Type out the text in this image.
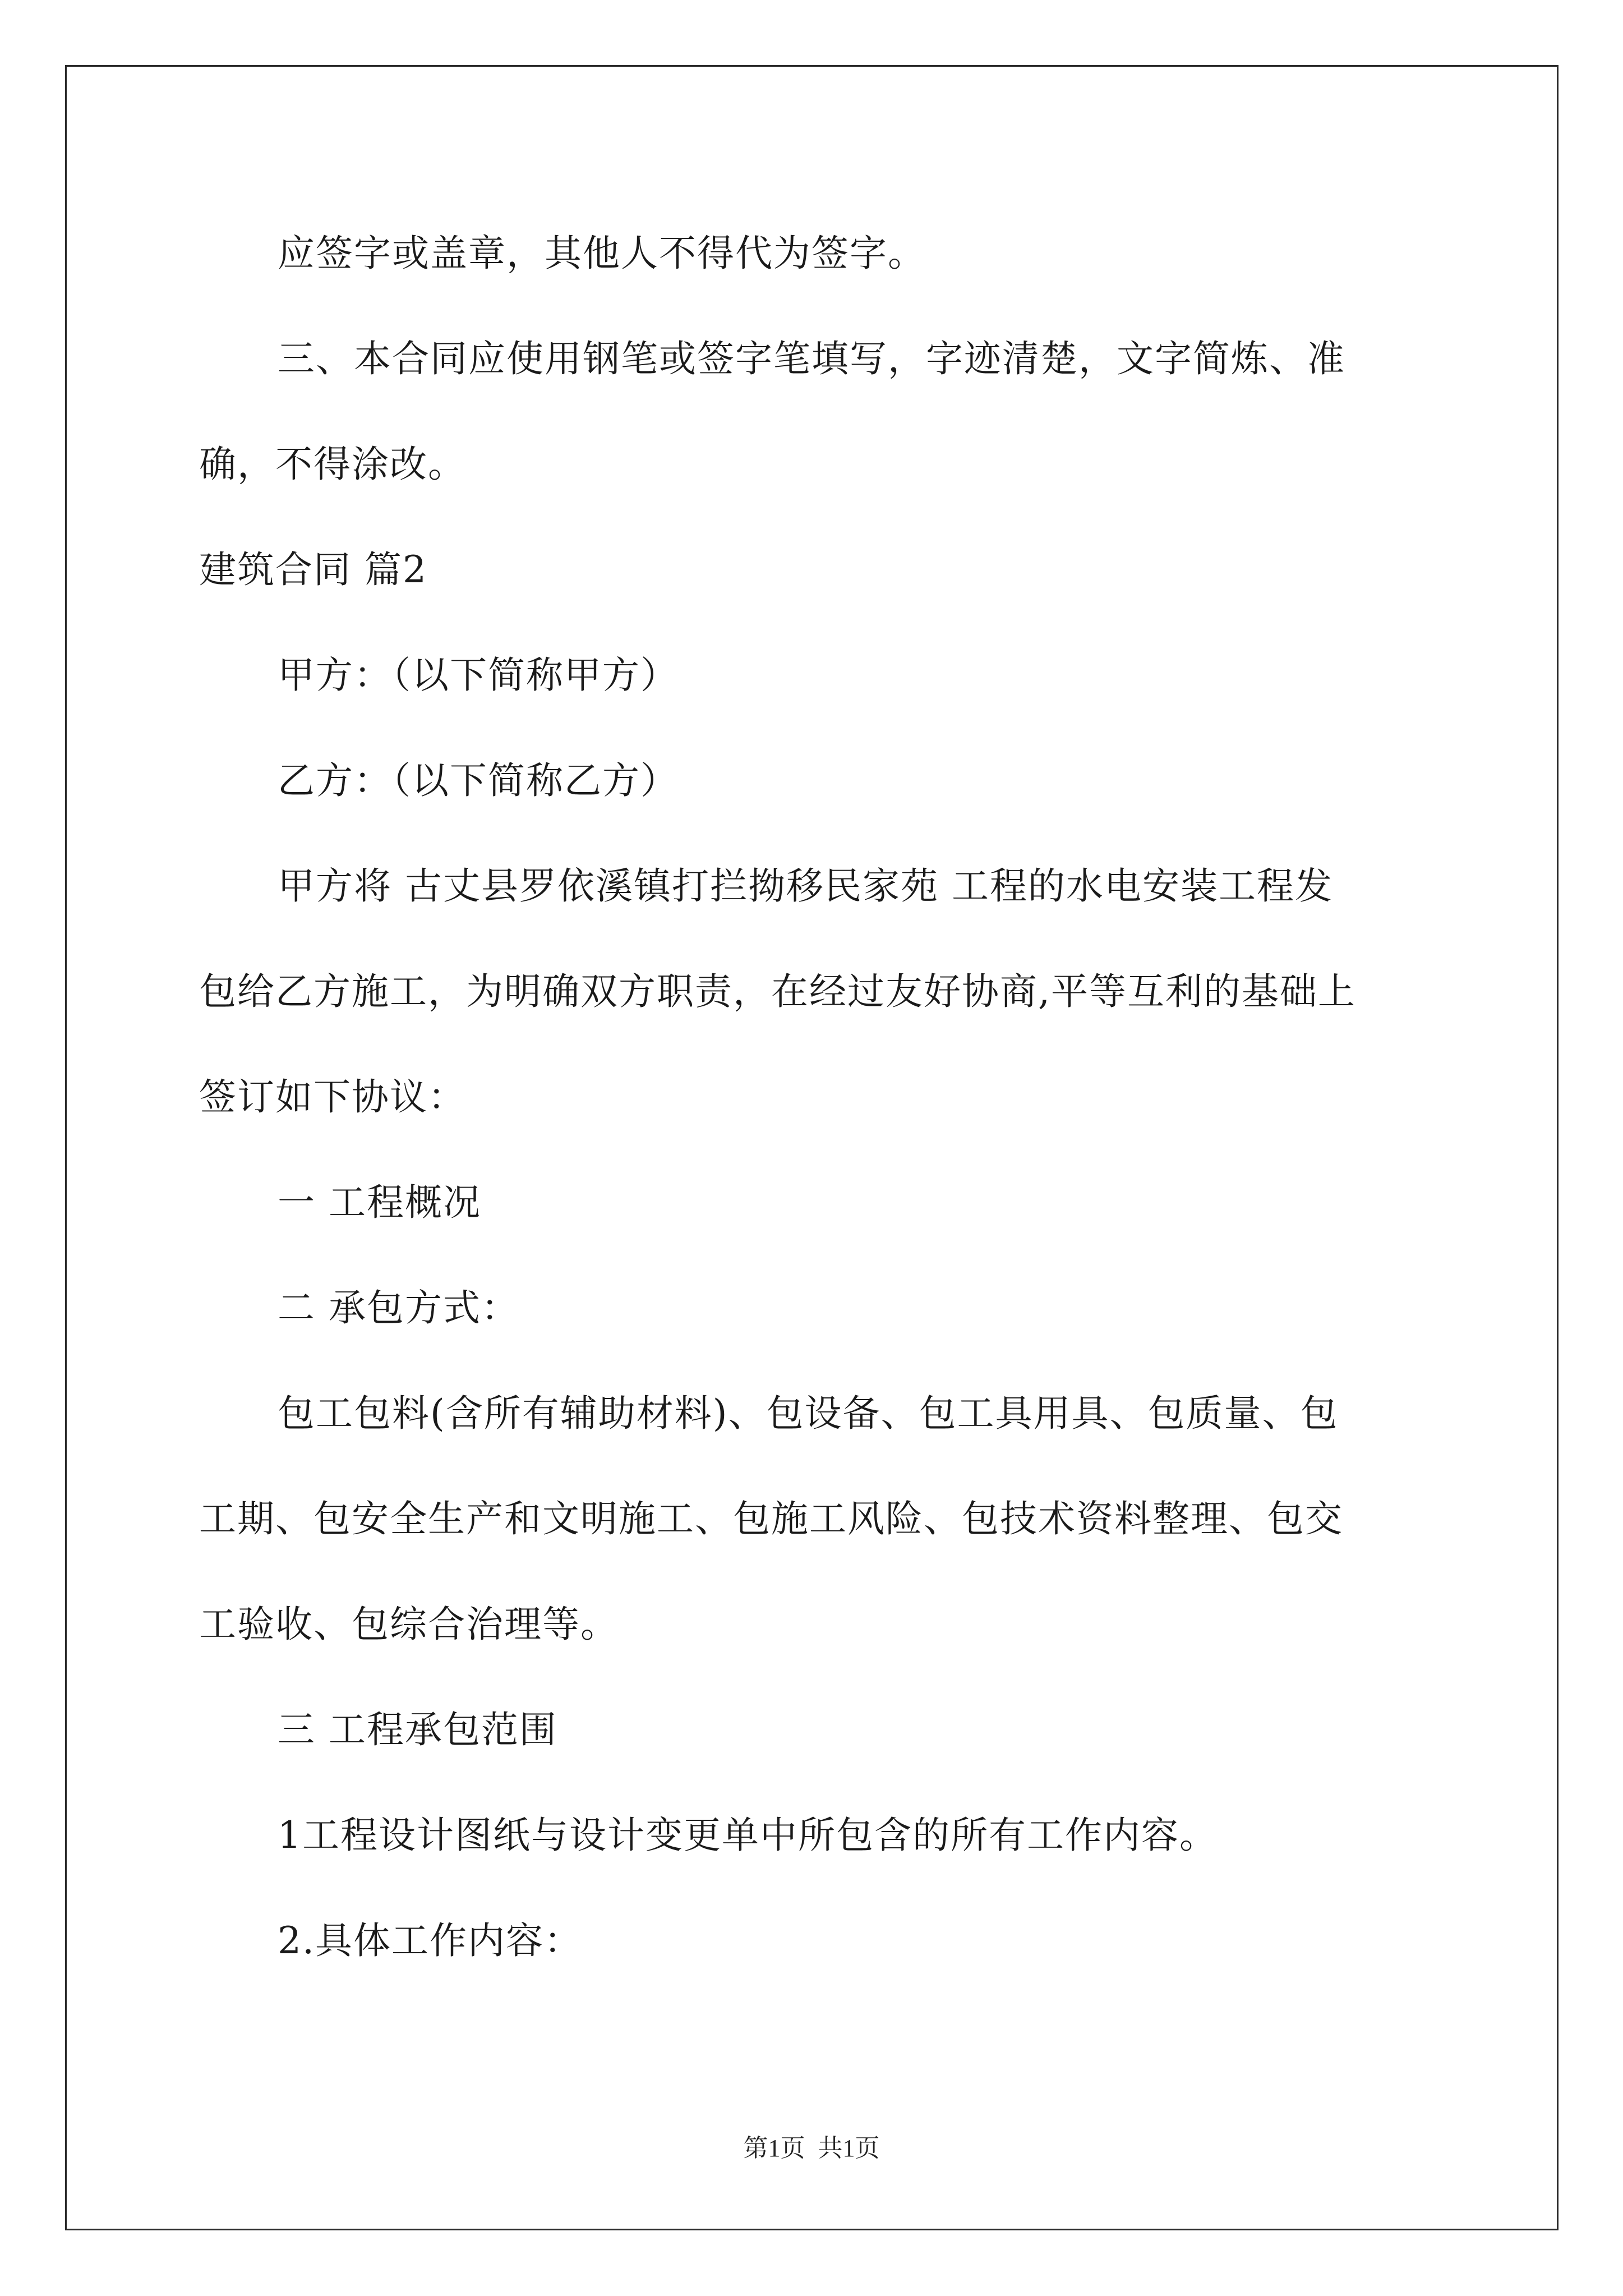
应签字或盖章，其他人不得代为签字。
三、本合同应使用钢笔或签字笔填写，字迹清楚，文字简炼、准
确，不得涂改。
建筑合同 篇2
甲方：（以下简称甲方）
乙方：（以下简称乙方）
甲方将 古丈县罗依溪镇打拦拗移民家苑 工程的水电安装工程发
包给乙方施工，为明确双方职责，在经过友好协商,平等互利的基础上
签订如下协议：
一 工程概况
二 承包方式：
包工包料(含所有辅助材料)、包设备、包工具用具、包质量、包
工期、包安全生产和文明施工、包施工风险、包技术资料整理、包交
工验收、包综合治理等。
三 工程承包范围
1工程设计图纸与设计变更单中所包含的所有工作内容。
2.具体工作内容：
第1页 共1页
